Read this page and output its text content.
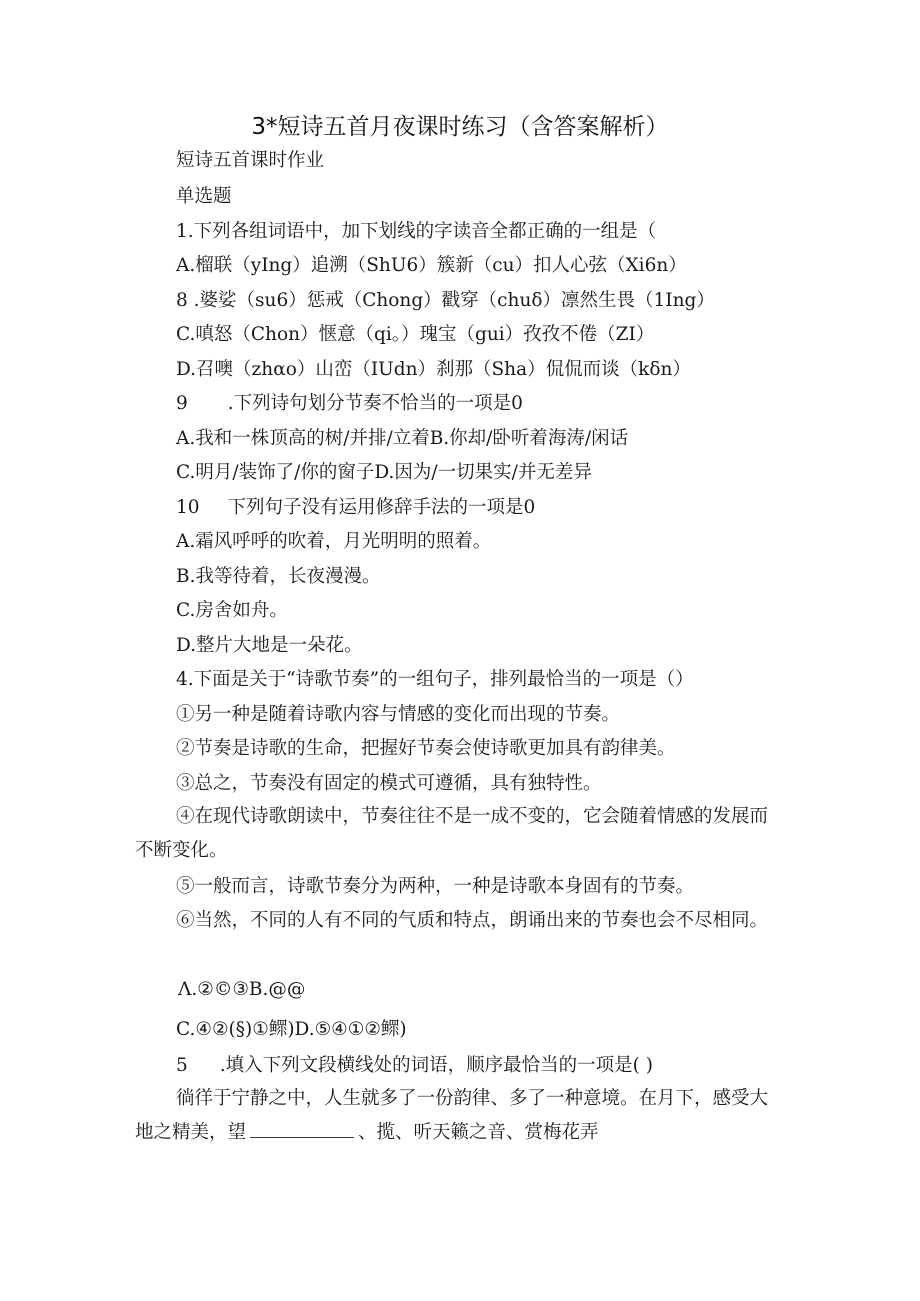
3*短诗五首月夜课时练习（含答案解析）
短诗五首课时作业
单选题
1.下列各组词语中，加下划线的字读音全都正确的一组是（
A.榴联（yIng）追溯（ShU6）簇新（cu）扣人心弦（Xi6n）
8 .婆娑（su6）惩戒（Chong）戳穿（chuδ）凛然生畏（1Ing）
C.嗔怒（Chon）惬意（qi。）瑰宝（gui）孜孜不倦（ZI）
D.召噢（zhαo）山峦（IUdn）刹那（Sha）侃侃而谈（kδn）
9 .下列诗句划分节奏不恰当的一项是0
A.我和一株顶高的树/并排/立着B.你却/卧听着海涛/闲话
C.明月/装饰了/你的窗子D.因为/一切果实/并无差异
10 下列句子没有运用修辞手法的一项是0
A.霜风呼呼的吹着，月光明明的照着。
B.我等待着，长夜漫漫。
C.房舍如舟。
D.整片大地是一朵花。
4.下面是关于“诗歌节奏”的一组句子，排列最恰当的一项是（）
①另一种是随着诗歌内容与情感的变化而出现的节奏。
②节奏是诗歌的生命，把握好节奏会使诗歌更加具有韵律美。
③总之，节奏没有固定的模式可遵循，具有独特性。
④在现代诗歌朗读中，节奏往往不是一成不变的，它会随着情感的发展而不断变化。
⑤一般而言，诗歌节奏分为两种，一种是诗歌本身固有的节奏。
⑥当然，不同的人有不同的气质和特点，朗诵出来的节奏也会不尽相同。
Λ.②©③B.@@
C.④②(§)①鳏)D.⑤④①②鳏)
5 .填入下列文段横线处的词语，顺序最恰当的一项是( )
徜徉于宁静之中，人生就多了一份韵律、多了一种意境。在月下，感受大地之精美，望	、揽、听天籁之音、赏梅花弄
